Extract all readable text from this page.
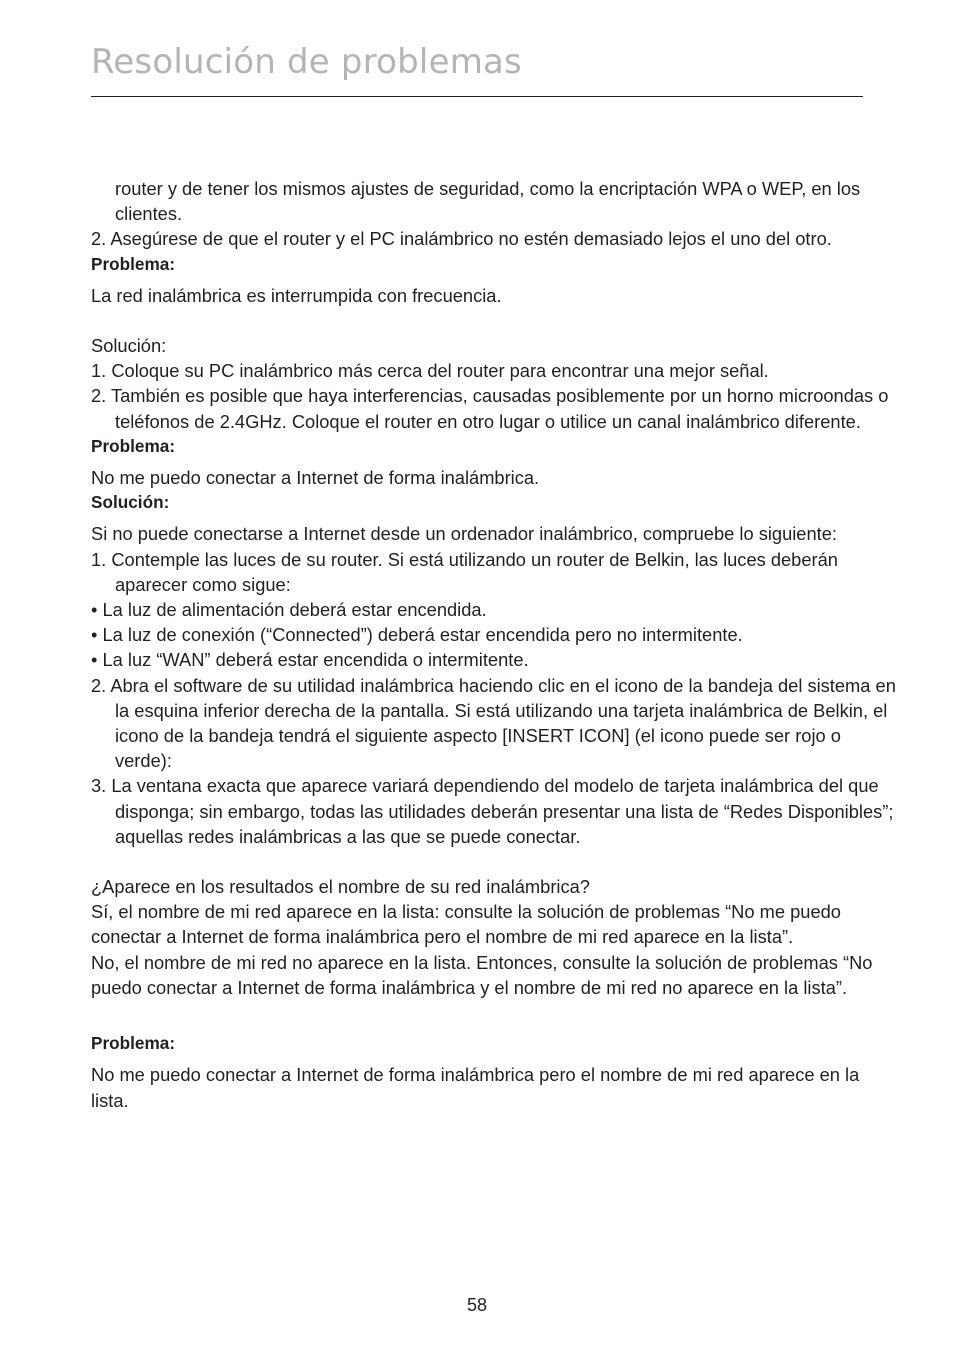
Resolución de problemas

router y de tener los mismos ajustes de seguridad, como la encriptación WPA o WEP, en los clientes.

2. Asegúrese de que el router y el PC inalámbrico no estén demasiado lejos el uno del otro.

Problema:

La red inalámbrica es interrumpida con frecuencia.

Solución:

1. Coloque su PC inalámbrico más cerca del router para encontrar una mejor señal.

2. También es posible que haya interferencias, causadas posiblemente por un horno microondas o teléfonos de 2.4GHz. Coloque el router en otro lugar o utilice un canal inalámbrico diferente.

Problema:

No me puedo conectar a Internet de forma inalámbrica.

Solución:

Si no puede conectarse a Internet desde un ordenador inalámbrico, compruebe lo siguiente:

1. Contemple las luces de su router. Si está utilizando un router de Belkin, las luces deberán aparecer como sigue:

• La luz de alimentación deberá estar encendida.

• La luz de conexión (“Connected”) deberá estar encendida pero no intermitente.

• La luz “WAN” deberá estar encendida o intermitente.

2. Abra el software de su utilidad inalámbrica haciendo clic en el icono de la bandeja del sistema en la esquina inferior derecha de la pantalla. Si está utilizando una tarjeta inalámbrica de Belkin, el icono de la bandeja tendrá el siguiente aspecto [INSERT ICON] (el icono puede ser rojo o verde):

3. La ventana exacta que aparece variará dependiendo del modelo de tarjeta inalámbrica del que disponga; sin embargo, todas las utilidades deberán presentar una lista de “Redes Disponibles”; aquellas redes inalámbricas a las que se puede conectar.

¿Aparece en los resultados el nombre de su red inalámbrica?

Sí, el nombre de mi red aparece en la lista: consulte la solución de problemas “No me puedo conectar a Internet de forma inalámbrica pero el nombre de mi red aparece en la lista”.

No, el nombre de mi red no aparece en la lista. Entonces, consulte la solución de problemas “No puedo conectar a Internet de forma inalámbrica y el nombre de mi red no aparece en la lista”.

Problema:

No me puedo conectar a Internet de forma inalámbrica pero el nombre de mi red aparece en la lista.

58
